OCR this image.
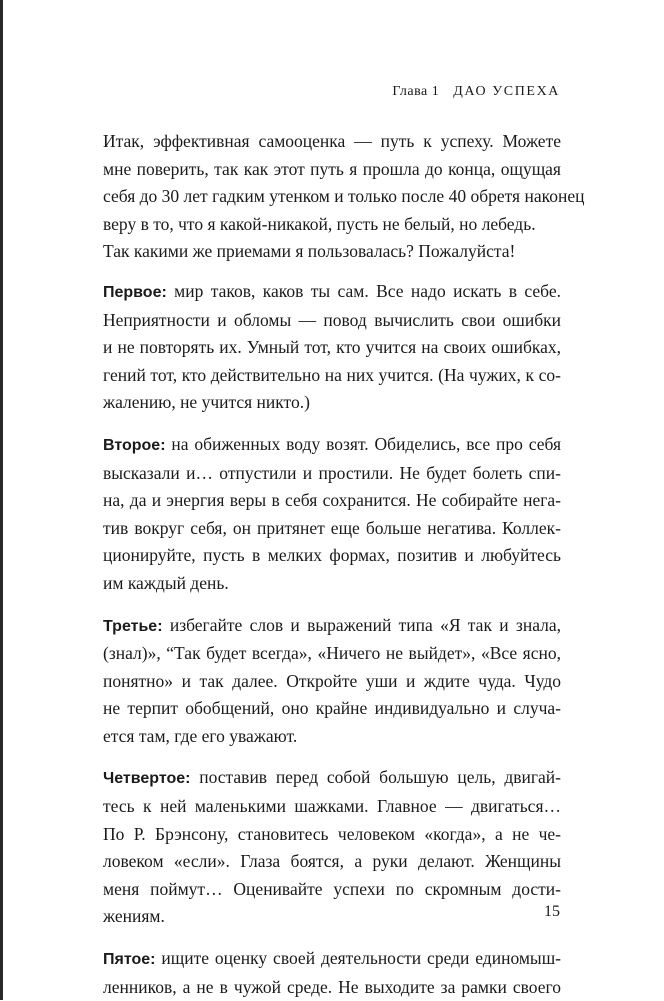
Глава 1 ДАО УСПЕХА

Итак, эффективная самооценка — путь к успеху. Можете
мне поверить, так как этот путь я прошла до конца, ощущая
себя до 30 лет гадким утенком и только после 40 обретя наконец
веру в то, что я какой-никакой, пусть не белый, но лебедь.
Так какими же приемами я пользовалась? Пожалуйста!

Первое: мир таков, каков ты сам. Все надо искать в себе.
Неприятности и обломы — повод вычислить свои ошибки
и не повторять их. Умный тот, кто учится на своих ошибках,
гений тот, кто действительно на них учится. (На чужих, к со-
жалению, не учится никто.)

Второе: на обиженных воду возят. Обиделись, все про себя
высказали и… отпустили и простили. Не будет болеть спи-
на, да и энергия веры в себя сохранится. Не собирайте нега-
тив вокруг себя, он притянет еще больше негатива. Коллек-
ционируйте, пусть в мелких формах, позитив и любуйтесь
им каждый день.

Третье: избегайте слов и выражений типа «Я так и знала,
(знал)», “Так будет всегда», «Ничего не выйдет», «Все ясно,
понятно» и так далее. Откройте уши и ждите чуда. Чудо
не терпит обобщений, оно крайне индивидуально и случа-
ется там, где его уважают.

Четвертое: поставив перед собой большую цель, двигай-
тесь к ней маленькими шажками. Главное — двигаться…
По Р. Брэнсону, становитесь человеком «когда», а не че-
ловеком «если». Глаза боятся, а руки делают. Женщины
меня поймут… Оценивайте успехи по скромным дости-
жениям.

Пятое: ищите оценку своей деятельности среди единомыш-
ленников, а не в чужой среде. Не выходите за рамки своего

15
